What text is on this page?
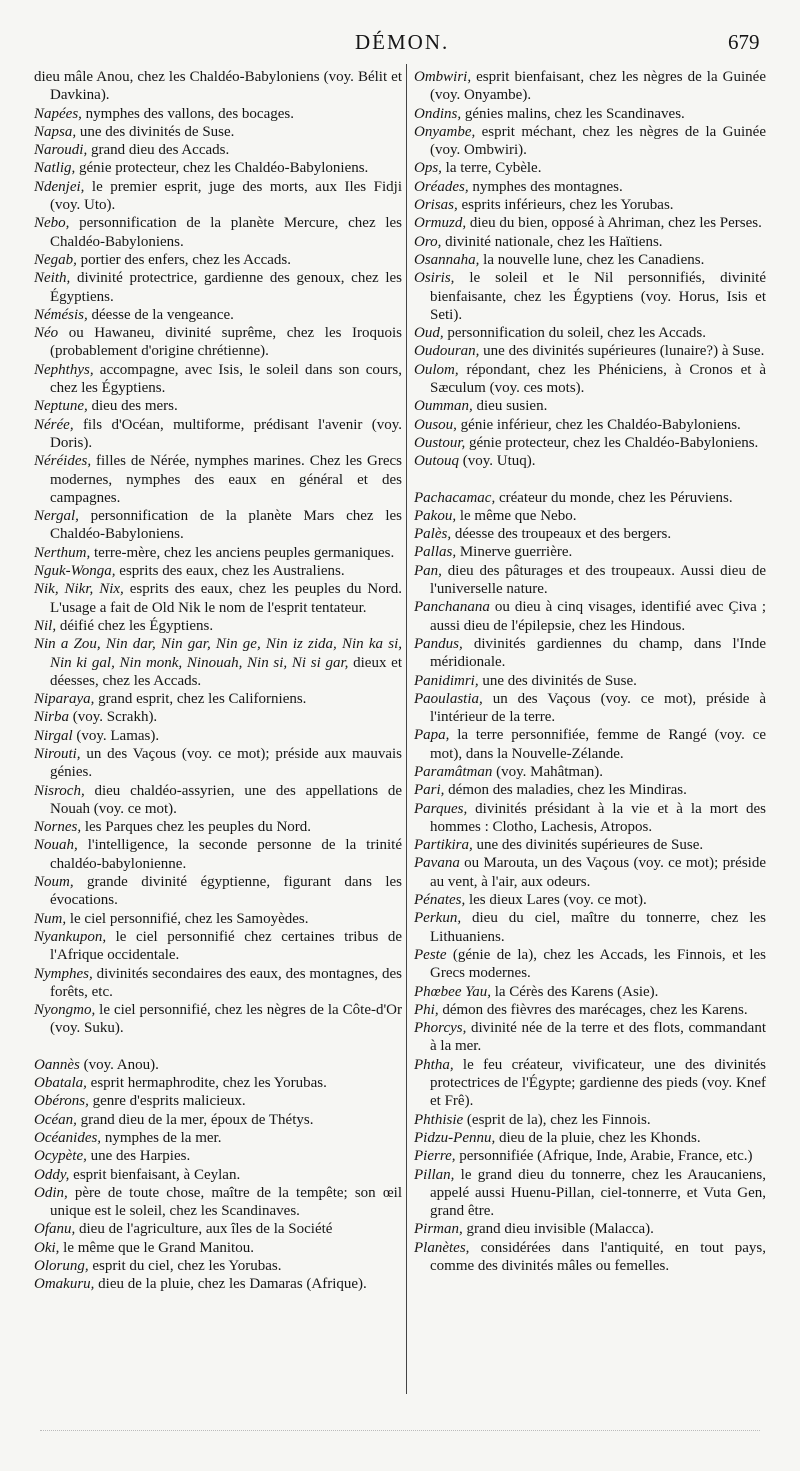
DÉMON.	679
dieu mâle Anou, chez les Chaldéo-Babyloniens (voy. Bélit et Davkina).
Napées, nymphes des vallons, des bocages.
Napsa, une des divinités de Suse.
Naroudi, grand dieu des Accads.
Natlig, génie protecteur, chez les Chaldéo-Babyloniens.
Ndenjei, le premier esprit, juge des morts, aux Iles Fidji (voy. Uto).
Nebo, personnification de la planète Mercure, chez les Chaldéo-Babyloniens.
Negab, portier des enfers, chez les Accads.
Neith, divinité protectrice, gardienne des genoux, chez les Égyptiens.
Némésis, déesse de la vengeance.
Néo ou Hawaneu, divinité suprême, chez les Iroquois (probablement d'origine chrétienne).
Nephthys, accompagne, avec Isis, le soleil dans son cours, chez les Égyptiens.
Neptune, dieu des mers.
Nérée, fils d'Océan, multiforme, prédisant l'avenir (voy. Doris).
Néréides, filles de Nérée, nymphes marines. Chez les Grecs modernes, nymphes des eaux en général et des campagnes.
Nergal, personnification de la planète Mars chez les Chaldéo-Babyloniens.
Nerthum, terre-mère, chez les anciens peuples germaniques.
Nguk-Wonga, esprits des eaux, chez les Australiens.
Nik, Nikr, Nix, esprits des eaux, chez les peuples du Nord. L'usage a fait de Old Nik le nom de l'esprit tentateur.
Nil, déifié chez les Égyptiens.
Nin a Zou, Nin dar, Nin gar, Nin ge, Nin iz zida, Nin ka si, Nin ki gal, Nin monk, Ninouah, Nin si, Ni si gar, dieux et déesses, chez les Accads.
Niparaya, grand esprit, chez les Californiens.
Nirba (voy. Scrakh).
Nirgal (voy. Lamas).
Nirouti, un des Vaçous (voy. ce mot); préside aux mauvais génies.
Nisroch, dieu chaldéo-assyrien, une des appellations de Nouah (voy. ce mot).
Nornes, les Parques chez les peuples du Nord.
Nouah, l'intelligence, la seconde personne de la trinité chaldéo-babylonienne.
Noum, grande divinité égyptienne, figurant dans les évocations.
Num, le ciel personnifié, chez les Samoyèdes.
Nyankupon, le ciel personnifié chez certaines tribus de l'Afrique occidentale.
Nymphes, divinités secondaires des eaux, des montagnes, des forêts, etc.
Nyongmo, le ciel personnifié, chez les nègres de la Côte-d'Or (voy. Suku).
Oannès (voy. Anou).
Obatala, esprit hermaphrodite, chez les Yorubas.
Obérons, genre d'esprits malicieux.
Océan, grand dieu de la mer, époux de Thétys.
Océanides, nymphes de la mer.
Ocypète, une des Harpies.
Oddy, esprit bienfaisant, à Ceylan.
Odin, père de toute chose, maître de la tempête; son œil unique est le soleil, chez les Scandinaves.
Ofanu, dieu de l'agriculture, aux îles de la Société
Oki, le même que le Grand Manitou.
Olorung, esprit du ciel, chez les Yorubas.
Omakuru, dieu de la pluie, chez les Damaras (Afrique).
Ombwiri, esprit bienfaisant, chez les nègres de la Guinée (voy. Onyambe).
Ondins, génies malins, chez les Scandinaves.
Onyambe, esprit méchant, chez les nègres de la Guinée (voy. Ombwiri).
Ops, la terre, Cybèle.
Oréades, nymphes des montagnes.
Orisas, esprits inférieurs, chez les Yorubas.
Ormuzd, dieu du bien, opposé à Ahriman, chez les Perses.
Oro, divinité nationale, chez les Haïtiens.
Osannaha, la nouvelle lune, chez les Canadiens.
Osiris, le soleil et le Nil personnifiés, divinité bienfaisante, chez les Égyptiens (voy. Horus, Isis et Seti).
Oud, personnification du soleil, chez les Accads.
Oudouran, une des divinités supérieures (lunaire?) à Suse.
Oulom, répondant, chez les Phéniciens, à Cronos et à Sæculum (voy. ces mots).
Oumman, dieu susien.
Ousou, génie inférieur, chez les Chaldéo-Babyloniens.
Oustour, génie protecteur, chez les Chaldéo-Babyloniens.
Outouq (voy. Utuq).
Pachacamac, créateur du monde, chez les Péruviens.
Pakou, le même que Nebo.
Palès, déesse des troupeaux et des bergers.
Pallas, Minerve guerrière.
Pan, dieu des pâturages et des troupeaux. Aussi dieu de l'universelle nature.
Panchanana ou dieu à cinq visages, identifié avec Çiva ; aussi dieu de l'épilepsie, chez les Hindous.
Pandus, divinités gardiennes du champ, dans l'Inde méridionale.
Panidimri, une des divinités de Suse.
Paoulastia, un des Vaçous (voy. ce mot), préside à l'intérieur de la terre.
Papa, la terre personnifiée, femme de Rangé (voy. ce mot), dans la Nouvelle-Zélande.
Paramâtman (voy. Mahâtman).
Pari, démon des maladies, chez les Mindiras.
Parques, divinités présidant à la vie et à la mort des hommes : Clotho, Lachesis, Atropos.
Partikira, une des divinités supérieures de Suse.
Pavana ou Marouta, un des Vaçous (voy. ce mot); préside au vent, à l'air, aux odeurs.
Pénates, les dieux Lares (voy. ce mot).
Perkun, dieu du ciel, maître du tonnerre, chez les Lithuaniens.
Peste (génie de la), chez les Accads, les Finnois, et les Grecs modernes.
Phœbee Yau, la Cérès des Karens (Asie).
Phi, démon des fièvres des marécages, chez les Karens.
Phorcys, divinité née de la terre et des flots, commandant à la mer.
Phtha, le feu créateur, vivificateur, une des divinités protectrices de l'Égypte; gardienne des pieds (voy. Knef et Frê).
Phthisie (esprit de la), chez les Finnois.
Pidzu-Pennu, dieu de la pluie, chez les Khonds.
Pierre, personnifiée (Afrique, Inde, Arabie, France, etc.)
Pillan, le grand dieu du tonnerre, chez les Araucaniens, appelé aussi Huenu-Pillan, ciel-tonnerre, et Vuta Gen, grand être.
Pirman, grand dieu invisible (Malacca).
Planètes, considérées dans l'antiquité, en tout pays, comme des divinités mâles ou femelles.
